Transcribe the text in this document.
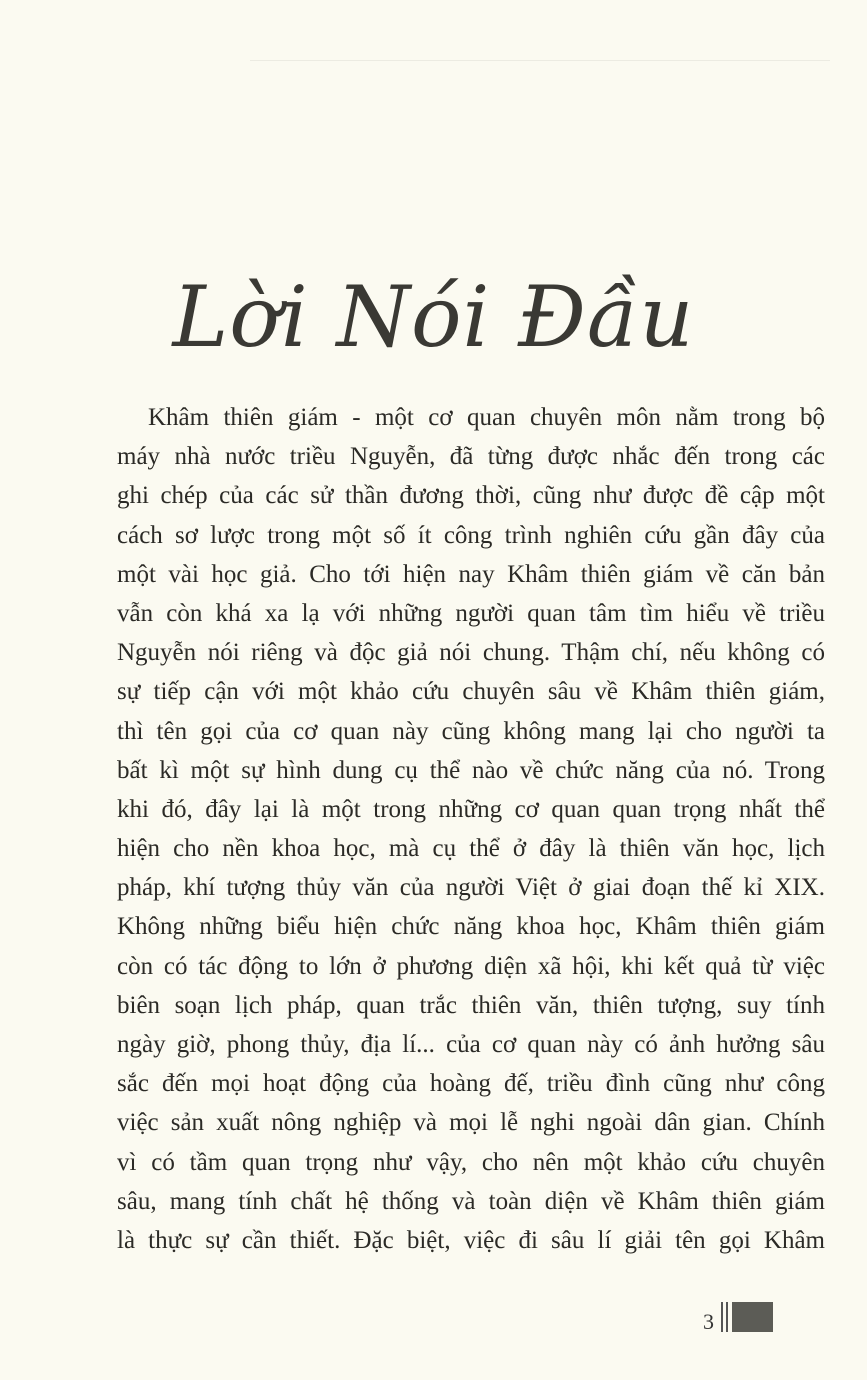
Lời Nói Đầu
Khâm thiên giám - một cơ quan chuyên môn nằm trong bộ
máy nhà nước triều Nguyễn, đã từng được nhắc đến trong các
ghi chép của các sử thần đương thời, cũng như được đề cập một
cách sơ lược trong một số ít công trình nghiên cứu gần đây của
một vài học giả. Cho tới hiện nay Khâm thiên giám về căn bản
vẫn còn khá xa lạ với những người quan tâm tìm hiểu về triều
Nguyễn nói riêng và độc giả nói chung. Thậm chí, nếu không có
sự tiếp cận với một khảo cứu chuyên sâu về Khâm thiên giám,
thì tên gọi của cơ quan này cũng không mang lại cho người ta
bất kì một sự hình dung cụ thể nào về chức năng của nó. Trong
khi đó, đây lại là một trong những cơ quan quan trọng nhất thể
hiện cho nền khoa học, mà cụ thể ở đây là thiên văn học, lịch
pháp, khí tượng thủy văn của người Việt ở giai đoạn thế kỉ XIX.
Không những biểu hiện chức năng khoa học, Khâm thiên giám
còn có tác động to lớn ở phương diện xã hội, khi kết quả từ việc
biên soạn lịch pháp, quan trắc thiên văn, thiên tượng, suy tính
ngày giờ, phong thủy, địa lí... của cơ quan này có ảnh hưởng sâu
sắc đến mọi hoạt động của hoàng đế, triều đình cũng như công
việc sản xuất nông nghiệp và mọi lễ nghi ngoài dân gian. Chính
vì có tầm quan trọng như vậy, cho nên một khảo cứu chuyên
sâu, mang tính chất hệ thống và toàn diện về Khâm thiên giám
là thực sự cần thiết. Đặc biệt, việc đi sâu lí giải tên gọi Khâm
3
